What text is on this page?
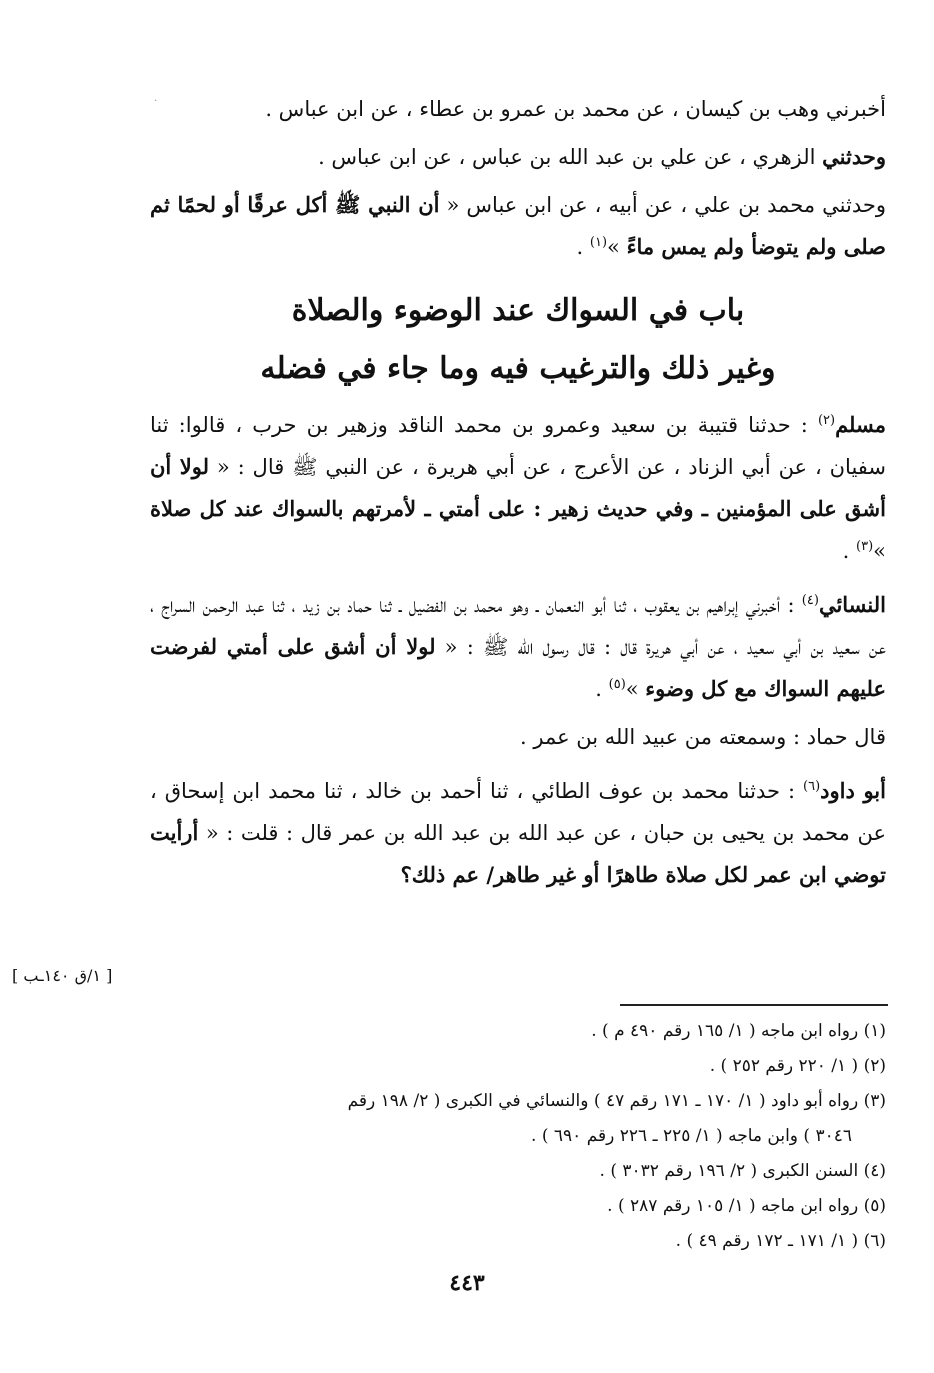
·	أخبرني وهب بن كيسان ، عن محمد بن عمرو بن عطاء ، عن ابن عباس .

وحدثني الزهري ، عن علي بن عبد الله بن عباس ، عن ابن عباس .

وحدثني محمد بن علي ، عن أبيه ، عن ابن عباس « أن النبي ﷺ أكل عرقًا أو لحمًا ثم صلى ولم يتوضأ ولم يمس ماءً »$^{(١)}$ .

باب في السواك عند الوضوء والصلاة

وغير ذلك والترغيب فيه وما جاء في فضله

مسلم$^{(٢)}$ : حدثنا قتيبة بن سعيد وعمرو بن محمد الناقد وزهير بن حرب ، قالوا: ثنا سفيان ، عن أبي الزناد ، عن الأعرج ، عن أبي هريرة ، عن النبي ﷺ قال : « لولا أن أشق على المؤمنين ـ وفي حديث زهير : على أمتي ـ لأمرتهم بالسواك عند كل صلاة »$^{(٣)}$ .

النسائي$^{(٤)}$ : أخبرني إبراهيم بن يعقوب ، ثنا أبو النعمان ـ وهو محمد بن الفضيل ـ ثنا حماد بن زيد ، ثنا عبد الرحمن السراج ، عن سعيد بن أبي سعيد ، عن أبي هريرة قال : قال رسول الله ﷺ : « لولا أن أشق على أمتي لفرضت عليهم السواك مع كل وضوء »$^{(٥)}$ .

قال حماد : وسمعته من عبيد الله بن عمر .

أبو داود$^{(٦)}$ : حدثنا محمد بن عوف الطائي ، ثنا أحمد بن خالد ، ثنا محمد ابن إسحاق ، عن محمد بن يحيى بن حبان ، عن عبد الله بن عبد الله بن عمر قال : قلت : « أرأيت توضي ابن عمر لكل صلاة طاهرًا أو غير طاهر/ عم ذلك؟

[ ١/ق ١٤٠ـب ]

(١) رواه ابن ماجه ( ١/ ١٦٥ رقم ٤٩٠ م ) .

(٢) ( ١/ ٢٢٠ رقم ٢٥٢ ) .

(٣) رواه أبو داود ( ١/ ١٧٠ ـ ١٧١ رقم ٤٧ ) والنسائي في الكبرى ( ٢/ ١٩٨ رقم

٣٠٤٦ ) وابن ماجه ( ١/ ٢٢٥ ـ ٢٢٦ رقم ٦٩٠ ) .

(٤) السنن الكبرى ( ٢/ ١٩٦ رقم ٣٠٣٢ ) .

(٥) رواه ابن ماجه ( ١/ ١٠٥ رقم ٢٨٧ ) .

(٦) ( ١/ ١٧١ ـ ١٧٢ رقم ٤٩ ) .

٤٤٣
